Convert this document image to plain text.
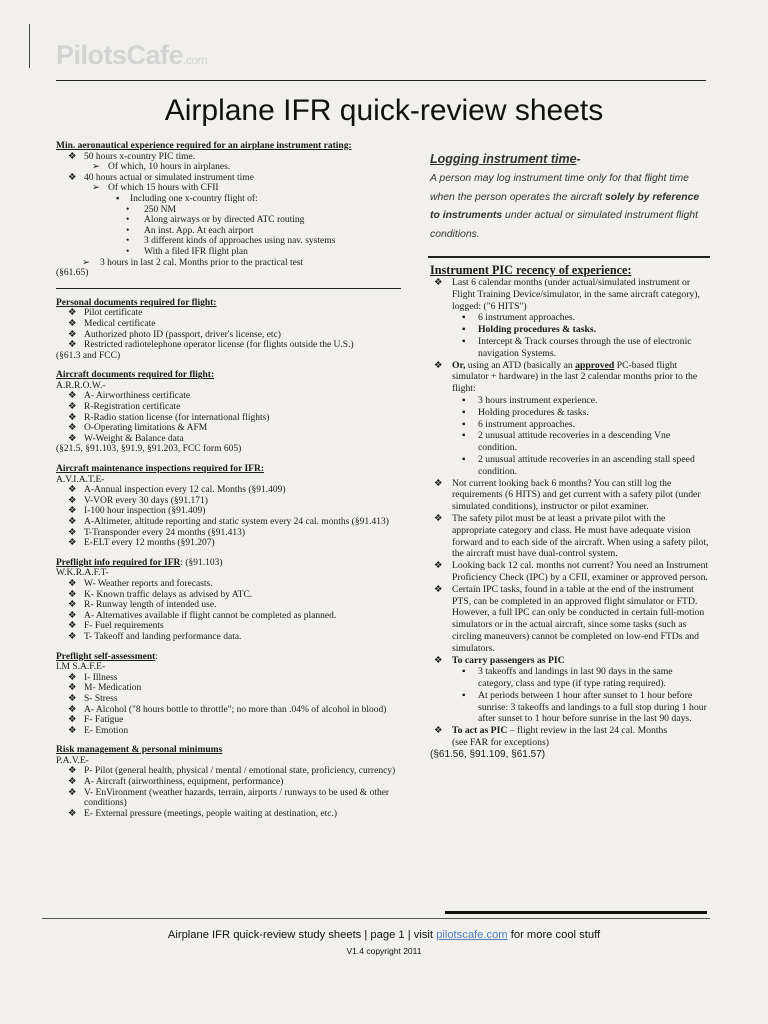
PilotsCafe.com
Airplane IFR quick-review sheets

Min. aeronautical experience required for an airplane instrument rating:

❖ 50 hours x-country PIC time.
➢ Of which, 10 hours in airplanes.
❖ 40 hours actual or simulated instrument time
➢ Of which 15 hours with CFII
▪ Including one x-country flight of:
• 250 NM
• Along airways or by directed ATC routing
• An inst. App. At each airport
• 3 different kinds of approaches using nav. systems
• With a filed IFR flight plan
➢ 3 hours in last 2 cal. Months prior to the practical test

(§61.65)

Personal documents required for flight:

❖ Pilot certificate
❖ Medical certificate
❖ Authorized photo ID (passport, driver's license, etc)
❖ Restricted radiotelephone operator license (for flights outside the U.S.)

(§61.3 and FCC)

Aircraft documents required for flight:

A.R.R.O.W.-

❖ A- Airworthiness certificate
❖ R-Registration certificate
❖ R-Radio station license (for international flights)
❖ O-Operating limitations & AFM
❖ W-Weight & Balance data

(§21.5, §91.103, §91.9, §91.203, FCC form 605)

Aircraft maintenance inspections required for IFR:

A.V.I.A.T.E-

❖ A-Annual inspection every 12 cal. Months (§91.409)
❖ V-VOR every 30 days (§91.171)
❖ I-100 hour inspection (§91.409)
❖ A-Altimeter, altitude reporting and static system every 24 cal. months (§91.413)
❖ T-Transponder every 24 months (§91.413)
❖ E-ELT every 12 months (§91.207)

Preflight info required for IFR: (§91.103)

W.K.R.A.F.T-

❖ W- Weather reports and forecasts.
❖ K- Known traffic delays as advised by ATC.
❖ R- Runway length of intended use.
❖ A- Alternatives available if flight cannot be completed as planned.
❖ F- Fuel requirements
❖ T- Takeoff and landing performance data.

Preflight self-assessment:

I.M S.A.F.E-

❖ I- Illness
❖ M- Medication
❖ S- Stress
❖ A- Alcohol ("8 hours bottle to throttle"; no more than .04% of alcohol in blood)
❖ F- Fatigue
❖ E- Emotion

Risk management & personal minimums

P.A.V.E-

❖ P- Pilot (general health, physical / mental / emotional state, proficiency, currency)
❖ A- Aircraft (airworthiness, equipment, performance)
❖ V- EnVironment (weather hazards, terrain, airports / runways to be used & other conditions)
❖ E- External pressure (meetings, people waiting at destination, etc.)
Logging instrument time-
A person may log instrument time only for that flight time when the person operates the aircraft solely by reference to instruments under actual or simulated instrument flight conditions.

Instrument PIC recency of experience:

❖ Last 6 calendar months (under actual/simulated instrument or Flight Training Device/simulator, in the same aircraft category), logged: ("6 HITS")
▪ 6 instrument approaches.
▪ Holding procedures & tasks.
▪ Intercept & Track courses through the use of electronic navigation Systems.
❖ Or, using an ATD (basically an approved PC-based flight simulator + hardware) in the last 2 calendar months prior to the flight:
▪ 3 hours instrument experience.
▪ Holding procedures & tasks.
▪ 6 instrument approaches.
▪ 2 unusual attitude recoveries in a descending Vne condition.
▪ 2 unusual attitude recoveries in an ascending stall speed condition.
❖ Not current looking back 6 months? You can still log the requirements (6 HITS) and get current with a safety pilot (under simulated conditions), instructor or pilot examiner.
❖ The safety pilot must be at least a private pilot with the appropriate category and class. He must have adequate vision forward and to each side of the aircraft. When using a safety pilot, the aircraft must have dual-control system.
❖ Looking back 12 cal. months not current? You need an Instrument Proficiency Check (IPC) by a CFII, examiner or approved person.
❖ Certain IPC tasks, found in a table at the end of the instrument PTS, can be completed in an approved flight simulator or FTD. However, a full IPC can only be conducted in certain full-motion simulators or in the actual aircraft, since some tasks (such as circling maneuvers) cannot be completed on low-end FTDs and simulators.
❖ To carry passengers as PIC
▪ 3 takeoffs and landings in last 90 days in the same category, class and type (if type rating required).
▪ At periods between 1 hour after sunset to 1 hour before sunrise: 3 takeoffs and landings to a full stop during 1 hour after sunset to 1 hour before sunrise in the last 90 days.
❖ To act as PIC – flight review in the last 24 cal. Months

(see FAR for exceptions)

(§61.56, §91.109, §61.57)

Airplane IFR quick-review study sheets | page 1 | visit pilotscafe.com for more cool stuff
V1.4 copyright 2011
